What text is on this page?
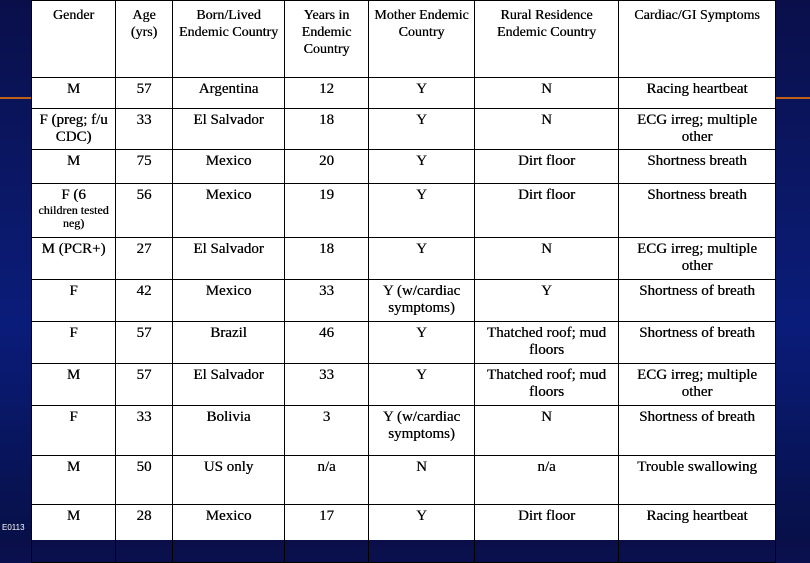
E0113
Gender	Age (yrs)	Born/Lived Endemic Country	Years in Endemic Country	Mother Endemic Country	Rural Residence Endemic Country	Cardiac/GI Symptoms

M	57	Argentina	12	Y	N	Racing heartbeat

F (preg; f/u CDC)	33	El Salvador	18	Y	N	ECG irreg; multiple other

M	75	Mexico	20	Y	Dirt floor	Shortness breath

F (6
children tested neg)	56	Mexico	19	Y	Dirt floor	Shortness breath

M (PCR+)	27	El Salvador	18	Y	N	ECG irreg; multiple other

F	42	Mexico	33	Y (w/cardiac symptoms)	Y	Shortness of breath

F	57	Brazil	46	Y	Thatched roof; mud floors	Shortness of breath

M	57	El Salvador	33	Y	Thatched roof; mud floors	ECG irreg; multiple other

F	33	Bolivia	3	Y (w/cardiac symptoms)	N	Shortness of breath

M	50	US only	n/a	N	n/a	Trouble swallowing

M	28	Mexico	17	Y	Dirt floor	Racing heartbeat
